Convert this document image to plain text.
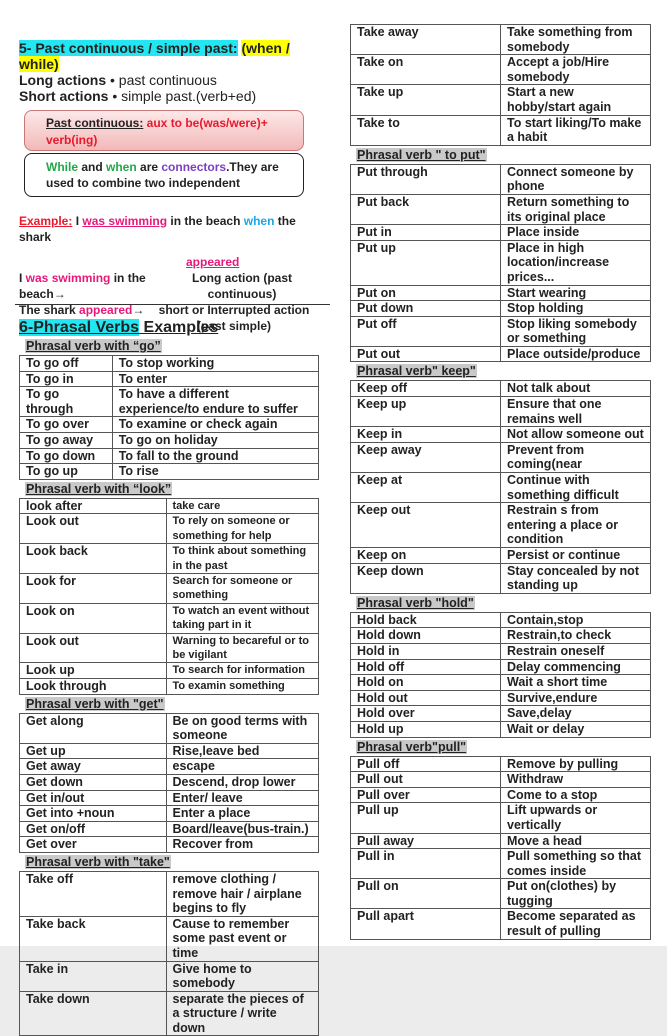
5- Past continuous / simple past: (when / while)
Long actions • past continuous
Short actions • simple past.(verb+ed)
Past continuous: aux to be(was/were)+ verb(ing)
While and when are connectors.They are used to combine two independent
Example: I was swimming in the beach when the shark
appeared
I was swimming in the beach→
Long action (past continuous)
The shark appeared→	short or Interrupted action (past simple)
6-Phrasal Verbs Examples
Phrasal verb with “go”
To go off	To stop working
To go in	To enter
To go through	To have a different experience/to endure to suffer
To go over	To examine or check again
To go away	To go on holiday
To go down	To fall to the ground
To go up	To rise
Phrasal verb with “look”
look after	take care
Look out	To rely on someone or something for help
Look back	To think about something in the past
Look for	Search for someone or something
Look on	To watch an event without taking part in it
Look out	Warning to becareful or to be vigilant
Look up	To search for information
Look through	To examin something
Phrasal verb with "get"
Get along	Be on good terms with someone
Get up	Rise,leave bed
Get away	escape
Get down	Descend, drop lower
Get in/out	Enter/ leave
Get into +noun	Enter a place
Get on/off	Board/leave(bus-train.)
Get over	Recover from
Phrasal verb with "take"
Take off	remove clothing / remove hair / airplane begins to fly
Take back	Cause to remember some past event or time
Take in	Give home to somebody
Take down	separate the pieces of a structure / write down
Take away	Take something from somebody
Take on	Accept a job/Hire somebody
Take up	Start a new hobby/start again
Take to	To start liking/To make a habit
Phrasal verb " to put"
Put through	Connect someone by phone
Put back	Return something to its original place
Put in	Place inside
Put up	Place in high location/increase prices...
Put on	Start wearing
Put down	Stop holding
Put off	Stop liking somebody or something
Put out	Place outside/produce
Phrasal verb" keep"
Keep off	Not talk about
Keep up	Ensure that one remains well
Keep in	Not allow someone out
Keep away	Prevent from coming(near
Keep at	Continue with something difficult
Keep out	Restrain s from entering a place or condition
Keep on	Persist or continue
Keep down	Stay concealed by not standing up
Phrasal verb "hold"
Hold back	Contain,stop
Hold down	Restrain,to check
Hold in	Restrain oneself
Hold off	Delay commencing
Hold on	Wait a short time
Hold out	Survive,endure
Hold over	Save,delay
Hold up	Wait or delay
Phrasal verb"pull"
Pull off	Remove by pulling
Pull out	Withdraw
Pull over	Come to a stop
Pull up	Lift upwards or vertically
Pull away	Move a head
Pull in	Pull something so that comes inside
Pull on	Put on(clothes) by tugging
Pull apart	Become separated as result of pulling
